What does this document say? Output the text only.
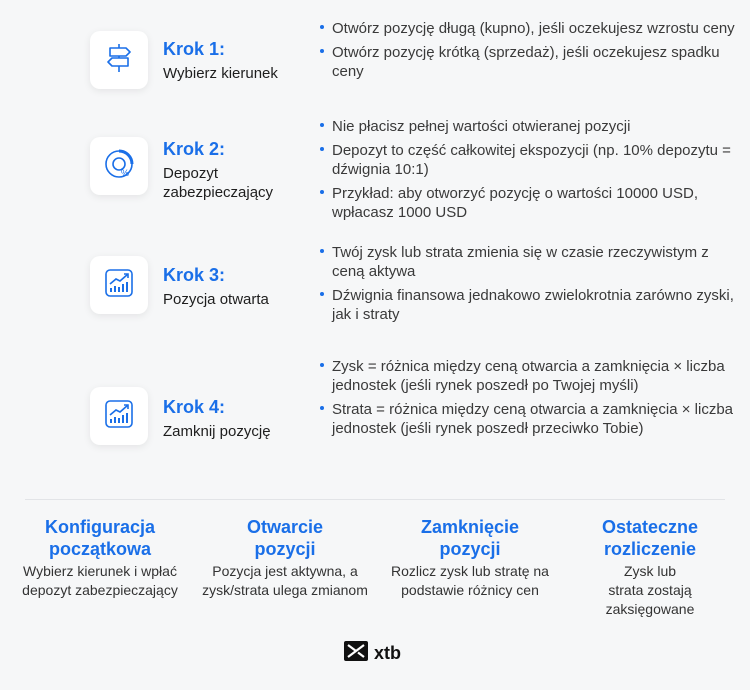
Krok 1:
Wybierz kierunek
Otwórz pozycję długą (kupno), jeśli oczekujesz wzrostu ceny
Otwórz pozycję krótką (sprzedaż), jeśli oczekujesz spadku ceny
%
Krok 2:
Depozyt zabezpieczający
Nie płacisz pełnej wartości otwieranej pozycji
Depozyt to część całkowitej ekspozycji (np. 10% depozytu = dźwignia 10:1)
Przykład: aby otworzyć pozycję o wartości 10000 USD, wpłacasz 1000 USD
Krok 3:
Pozycja otwarta
Twój zysk lub strata zmienia się w czasie rzeczywistym z ceną aktywa
Dźwignia finansowa jednakowo zwielokrotnia zarówno zyski, jak i straty
Krok 4:
Zamknij pozycję
Zysk = różnica między ceną otwarcia a zamknięcia × liczba jednostek (jeśli rynek poszedł po Twojej myśli)
Strata = różnica między ceną otwarcia a zamknięcia × liczba jednostek (jeśli rynek poszedł przeciwko Tobie)
Konfiguracja początkowa
Wybierz kierunek i wpłać depozyt zabezpieczający
Otwarcie pozycji
Pozycja jest aktywna, a zysk/strata ulega zmianom
Zamknięcie pozycji
Rozlicz zysk lub stratę na podstawie różnicy cen
Ostateczne rozliczenie
Zysk lub strata zostają zaksięgowane
xtb
